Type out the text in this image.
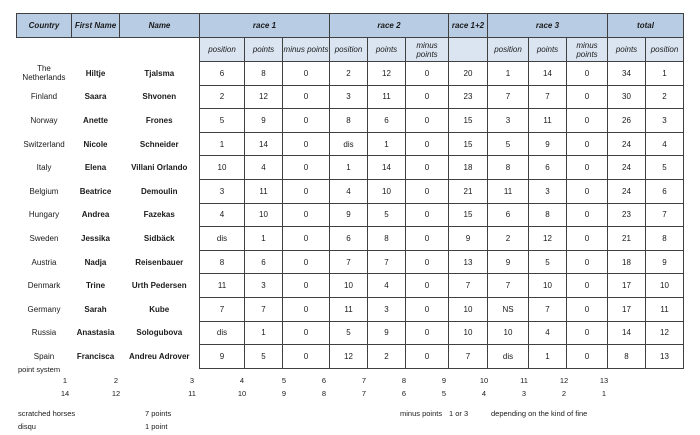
Country	First Name	Name	race 1			race 2			race 1+2	race 3			total	
			position	points	minus points	position	points	minus points		position	points	minus points	points	position
The Netherlands	Hiltje	Tjalsma	6	8	0	2	12	0	20	1	14	0	34	1
Finland	Saara	Shvonen	2	12	0	3	11	0	23	7	7	0	30	2
Norway	Anette	Frones	5	9	0	8	6	0	15	3	11	0	26	3
Switzerland	Nicole	Schneider	1	14	0	dis	1	0	15	5	9	0	24	4
Italy	Elena	Villani Orlando	10	4	0	1	14	0	18	8	6	0	24	5
Belgium	Beatrice	Demoulin	3	11	0	4	10	0	21	11	3	0	24	6
Hungary	Andrea	Fazekas	4	10	0	9	5	0	15	6	8	0	23	7
Sweden	Jessika	Sidbäck	dis	1	0	6	8	0	9	2	12	0	21	8
Austria	Nadja	Reisenbauer	8	6	0	7	7	0	13	9	5	0	18	9
Denmark	Trine	Urth Pedersen	11	3	0	10	4	0	7	7	10	0	17	10
Germany	Sarah	Kube	7	7	0	11	3	0	10	NS	7	0	17	11
Russia	Anastasia	Sologubova	dis	1	0	5	9	0	10	10	4	0	14	12
Spain	Francisca	Andreu Adrover	9	5	0	12	2	0	7	dis	1	0	8	13
point system
1	2	3	4	5	6	7	8	9	10	11	12	13
14	12	11	10	9	8	7	6	5	4	3	2	1
scratched horses	7 points
disqu	1 point
minus points 1 or 3	depending on the kind of fine
